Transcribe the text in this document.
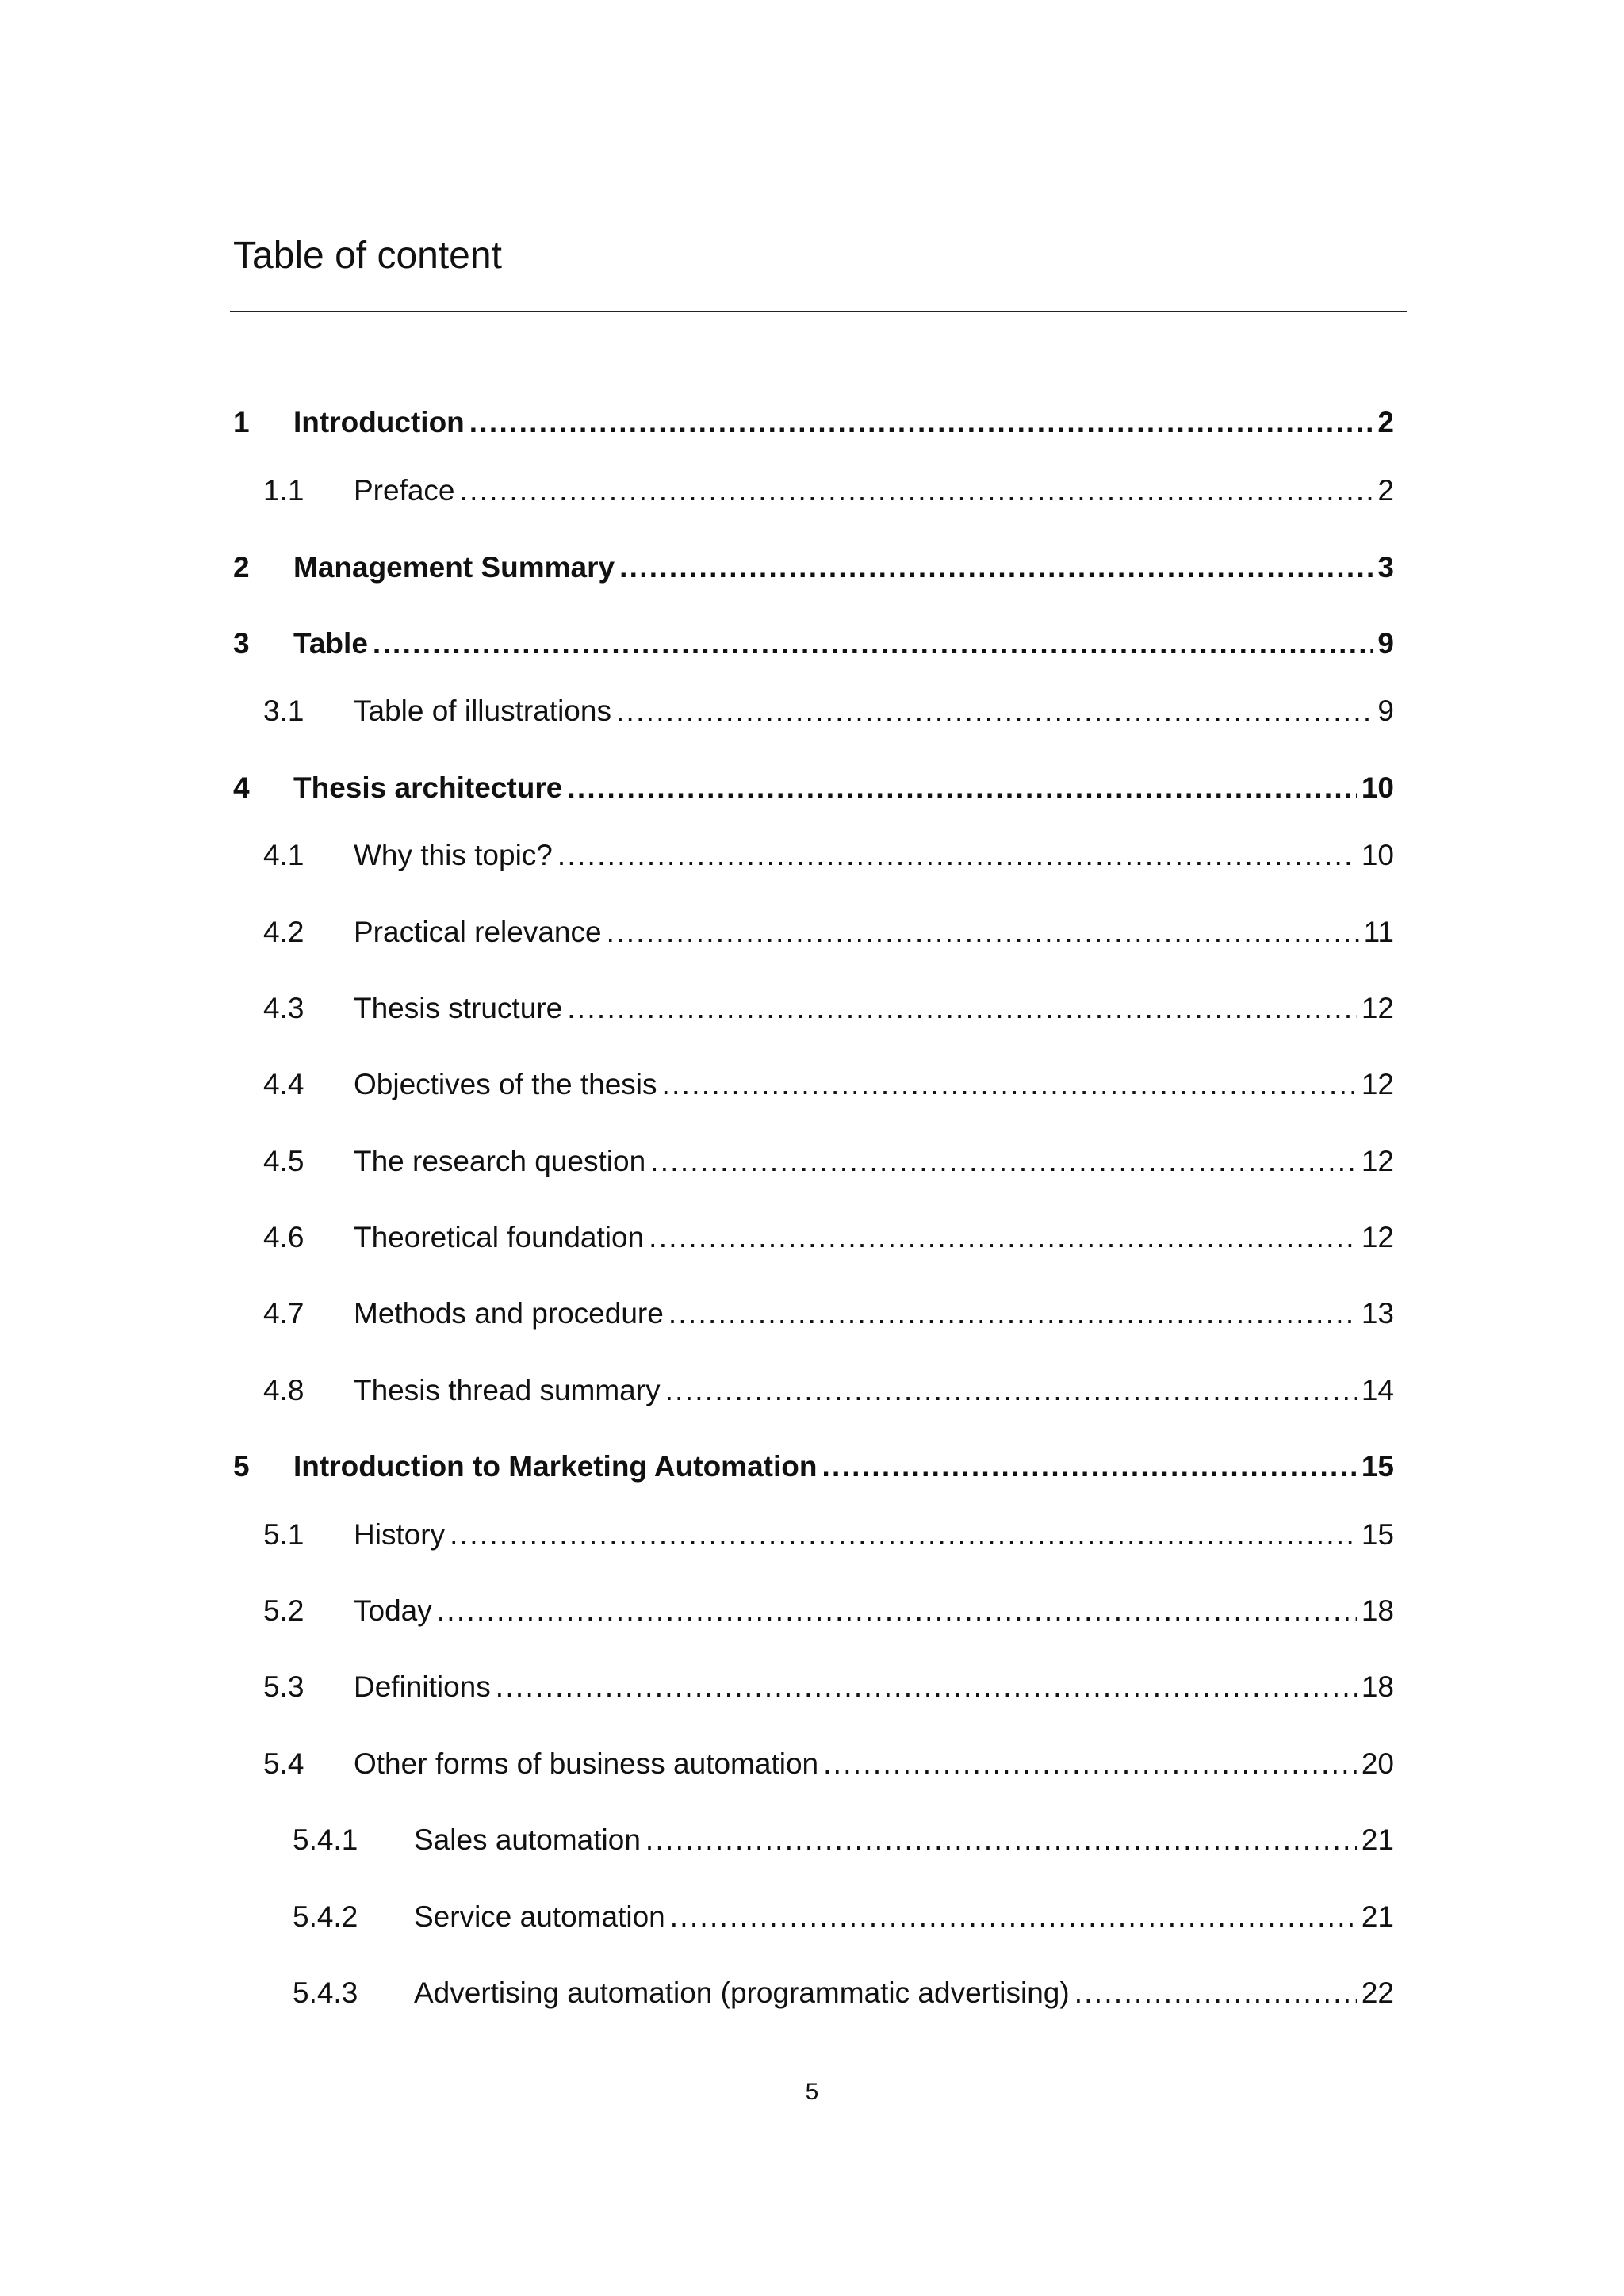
Table of content
1	Introduction . . .	2
1.1	Preface . . .	2
2	Management Summary . . .	3
3	Table . . .	9
3.1	Table of illustrations . . .	9
4	Thesis architecture . . .	10
4.1	Why this topic? . . .	10
4.2	Practical relevance . . .	11
4.3	Thesis structure . . .	12
4.4	Objectives of the thesis . . .	12
4.5	The research question . . .	12
4.6	Theoretical foundation . . .	12
4.7	Methods and procedure . . .	13
4.8	Thesis thread summary . . .	14
5	Introduction to Marketing Automation . . .	15
5.1	History . . .	15
5.2	Today . . .	18
5.3	Definitions . . .	18
5.4	Other forms of business automation . . .	20
5.4.1	Sales automation . . .	21
5.4.2	Service automation . . .	21
5.4.3	Advertising automation (programmatic advertising) . . .	22
5
